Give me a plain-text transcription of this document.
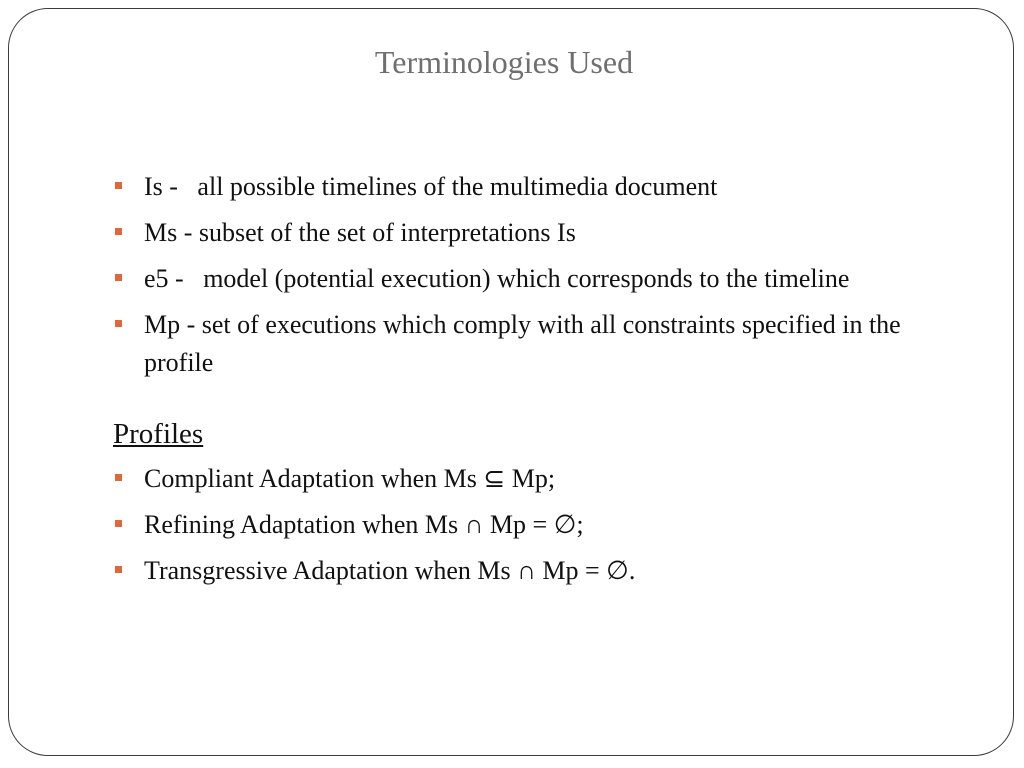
Terminologies Used
Is -   all possible timelines of the multimedia document
Ms - subset of the set of interpretations Is
e5 -   model (potential execution) which corresponds to the timeline
Mp - set of executions which comply with all constraints specified in the profile
Profiles
Compliant Adaptation when Ms ⊆ Mp;
Refining Adaptation when Ms ∩ Mp = ∅;
Transgressive Adaptation when Ms ∩ Mp = ∅.
